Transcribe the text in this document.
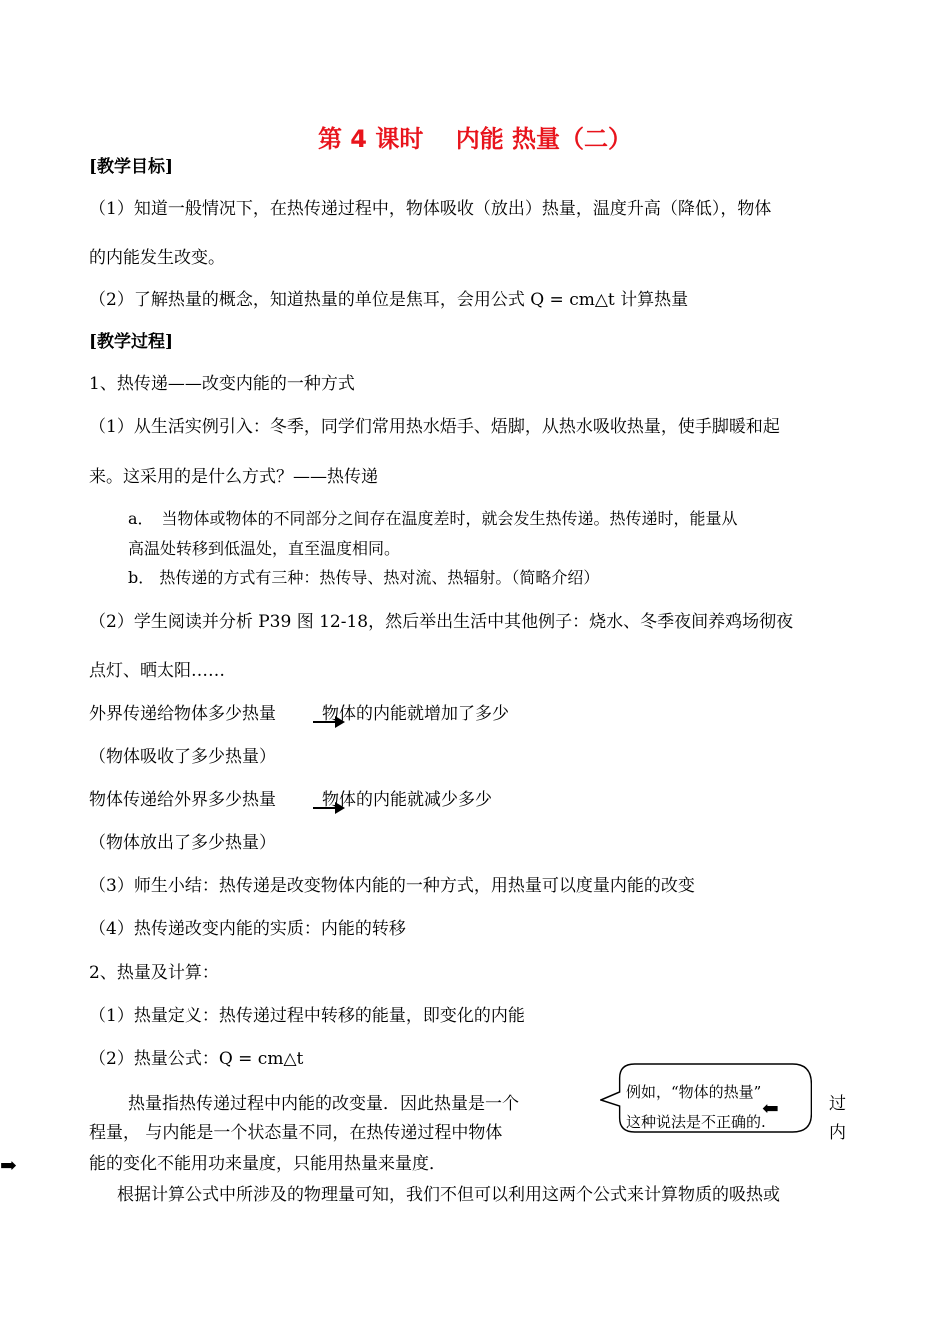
第 4 课时　 内能 热量（二）
[教学目标]
（1）知道一般情况下，在热传递过程中，物体吸收（放出）热量，温度升高（降低），物体
的内能发生改变。
（2）了解热量的概念，知道热量的单位是焦耳，会用公式 Q = cm△t 计算热量
[教学过程]
1、热传递——改变内能的一种方式
（1）从生活实例引入：冬季，同学们常用热水焐手、焐脚，从热水吸收热量，使手脚暖和起
来。这采用的是什么方式？——热传递
a．　当物体或物体的不同部分之间存在温度差时，就会发生热传递。热传递时，能量从
高温处转移到低温处，直至温度相同。
b． 热传递的方式有三种：热传导、热对流、热辐射。（简略介绍）
（2）学生阅读并分析 P39 图 12-18，然后举出生活中其他例子：烧水、冬季夜间养鸡场彻夜
点灯、晒太阳……
外界传递给物体多少热量	物体的内能就增加了多少
（物体吸收了多少热量）
物体传递给外界多少热量	物体的内能就减少多少
（物体放出了多少热量）
（3）师生小结：热传递是改变物体内能的一种方式，用热量可以度量内能的改变
（4）热传递改变内能的实质：内能的转移
2、热量及计算：
（1）热量定义：热传递过程中转移的能量，即变化的内能
（2）热量公式：Q = cm△t
热量指热传递过程中内能的改变量．因此热量是一个	过
程量， 与内能是一个状态量不同，在热传递过程中物体	内
能的变化不能用功来量度，只能用热量来量度．
➡
例如，“物体的热量”
这种说法是不正确的.
⬅
根据计算公式中所涉及的物理量可知，我们不但可以利用这两个公式来计算物质的吸热或
